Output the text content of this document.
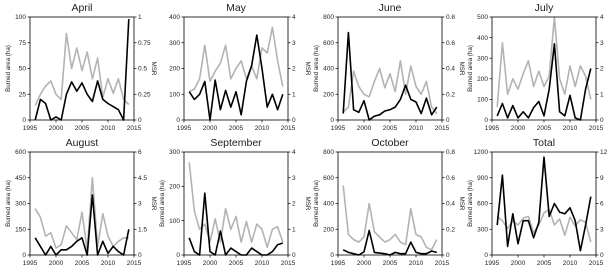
April
1995 2000 2005 2010 2015
0
25
50
75
100
0
0.25
0.5
0.75
1
Burned area (ha)	MSR
May
1995 2000 2005 2010 2015
0
100
200
300
400
0
1
2
3
4
MSR
June
1995 2000 2005 2010 2015
0
200
400
600
800
0
0.2
0.4
0.6
0.8
Burned area (ha)	MSR
July
1995 2000 2005 2010 2015
0
100
200
300
400
500
0
1
2
3
4
Burned area (ha)
August
1995 2000 2005 2010 2015
0
150
300
450
600
0
1.5
3
4.5
6
Burned area (ha)	MSR
September
1995 2000 2005 2010 2015
0
100
200
300
0
1
2
3
4
Burned area (ha)	MSR
October
1995 2000 2005 2010 2015
0
200
400
600
800
0
0.2
0.4
0.6
0.8
Burned area (ha)	MSR
Total
1995 2000 2005 2010 2015
0
300
600
900
1200
0
3
6
9
12
Burned area (ha)
